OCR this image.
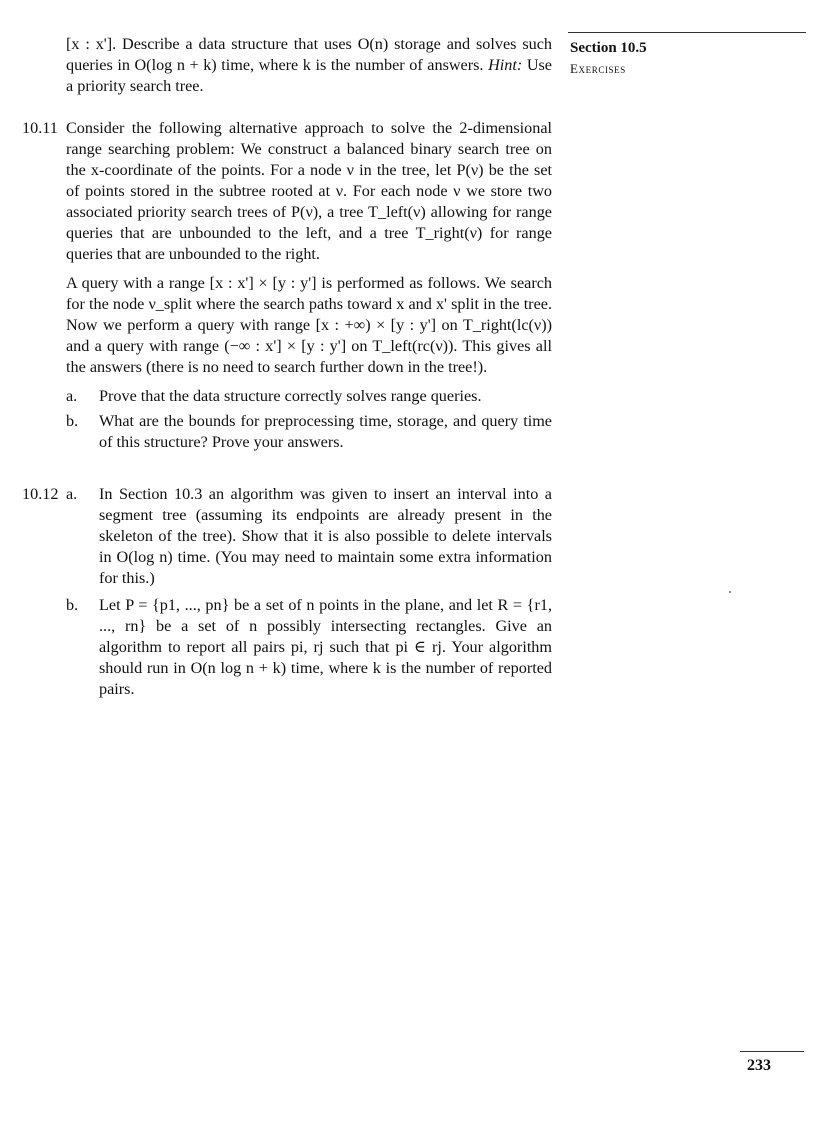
Section 10.5
Exercises
[x : x']. Describe a data structure that uses O(n) storage and solves such queries in O(log n + k) time, where k is the number of answers. Hint: Use a priority search tree.
10.11 Consider the following alternative approach to solve the 2-dimensional range searching problem: We construct a balanced binary search tree on the x-coordinate of the points. For a node ν in the tree, let P(ν) be the set of points stored in the subtree rooted at ν. For each node ν we store two associated priority search trees of P(ν), a tree T_left(ν) allowing for range queries that are unbounded to the left, and a tree T_right(ν) for range queries that are unbounded to the right.

A query with a range [x : x'] × [y : y'] is performed as follows. We search for the node ν_split where the search paths toward x and x' split in the tree. Now we perform a query with range [x : +∞) × [y : y'] on T_right(lc(ν)) and a query with range (−∞ : x'] × [y : y'] on T_left(rc(ν)). This gives all the answers (there is no need to search further down in the tree!).

a. Prove that the data structure correctly solves range queries.
b. What are the bounds for preprocessing time, storage, and query time of this structure? Prove your answers.
10.12 a. In Section 10.3 an algorithm was given to insert an interval into a segment tree (assuming its endpoints are already present in the skeleton of the tree). Show that it is also possible to delete intervals in O(log n) time. (You may need to maintain some extra information for this.)
b. Let P = {p1, ..., pn} be a set of n points in the plane, and let R = {r1, ..., rn} be a set of n possibly intersecting rectangles. Give an algorithm to report all pairs pi, rj such that pi ∈ rj. Your algorithm should run in O(n log n + k) time, where k is the number of reported pairs.
233
